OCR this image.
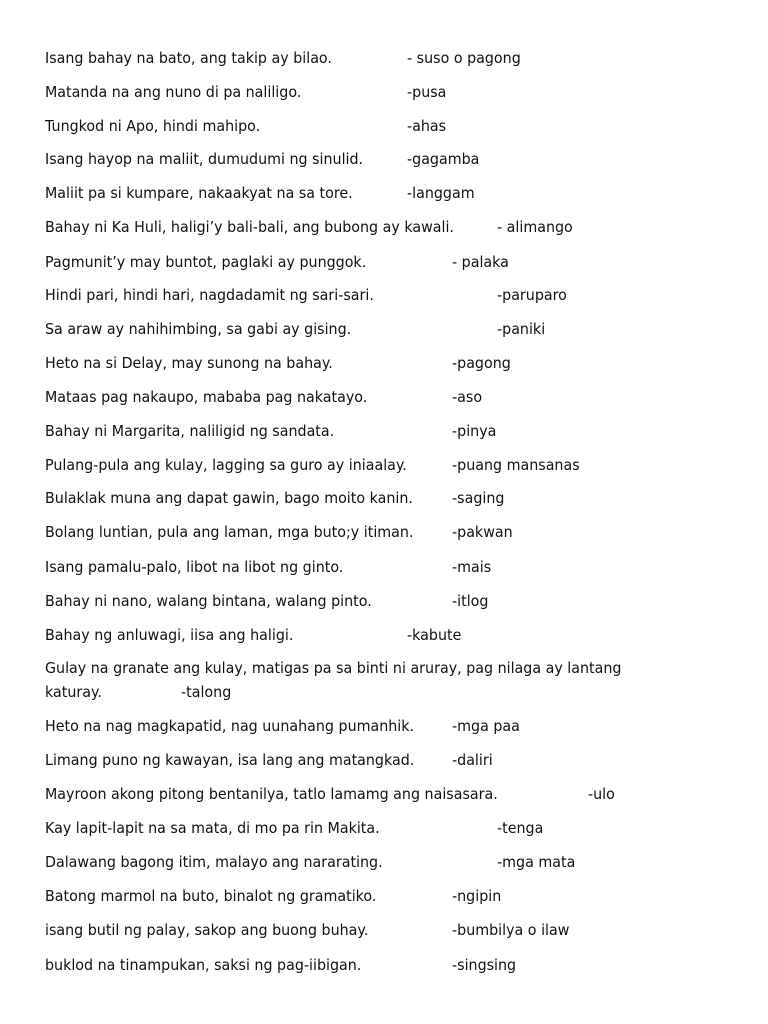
Isang bahay na bato, ang takip ay bilao.	- suso o pagong
Matanda na ang nuno di pa naliligo.	-pusa
Tungkod ni Apo, hindi mahipo.	-ahas
Isang hayop na maliit, dumudumi ng sinulid.	-gagamba
Maliit pa si kumpare, nakaakyat na sa tore.	-langgam
Bahay ni Ka Huli, haligi’y bali-bali, ang bubong ay kawali.	- alimango
Pagmunit’y may buntot, paglaki ay punggok.	- palaka
Hindi pari, hindi hari, nagdadamit ng sari-sari.	-paruparo
Sa araw ay nahihimbing, sa gabi ay gising.	-paniki
Heto na si Delay, may sunong na bahay.	-pagong
Mataas pag nakaupo, mababa pag nakatayo.	-aso
Bahay ni Margarita, naliligid ng sandata.	-pinya
Pulang-pula ang kulay, lagging sa guro ay iniaalay.	-puang mansanas
Bulaklak muna ang dapat gawin, bago moito kanin.	-saging
Bolang luntian, pula ang laman, mga buto;y itiman. -pakwan
Isang pamalu-palo, libot na libot ng ginto.	-mais
Bahay ni nano, walang bintana, walang pinto.	-itlog
Bahay ng anluwagi, iisa ang haligi.	-kabute
Gulay na granate ang kulay, matigas pa sa binti ni aruray, pag nilaga ay lantang
katuray.	-talong
Heto na nag magkapatid, nag uunahang pumanhik. -mga paa
Limang puno ng kawayan, isa lang ang matangkad. -daliri
Mayroon akong pitong bentanilya, tatlo lamamg ang naisasara.	-ulo
Kay lapit-lapit na sa mata, di mo pa rin Makita.	-tenga
Dalawang bagong itim, malayo ang nararating.	-mga mata
Batong marmol na buto, binalot ng gramatiko.	-ngipin
isang butil ng palay, sakop ang buong buhay.	-bumbilya o ilaw
buklod na tinampukan, saksi ng pag-iibigan.	-singsing
